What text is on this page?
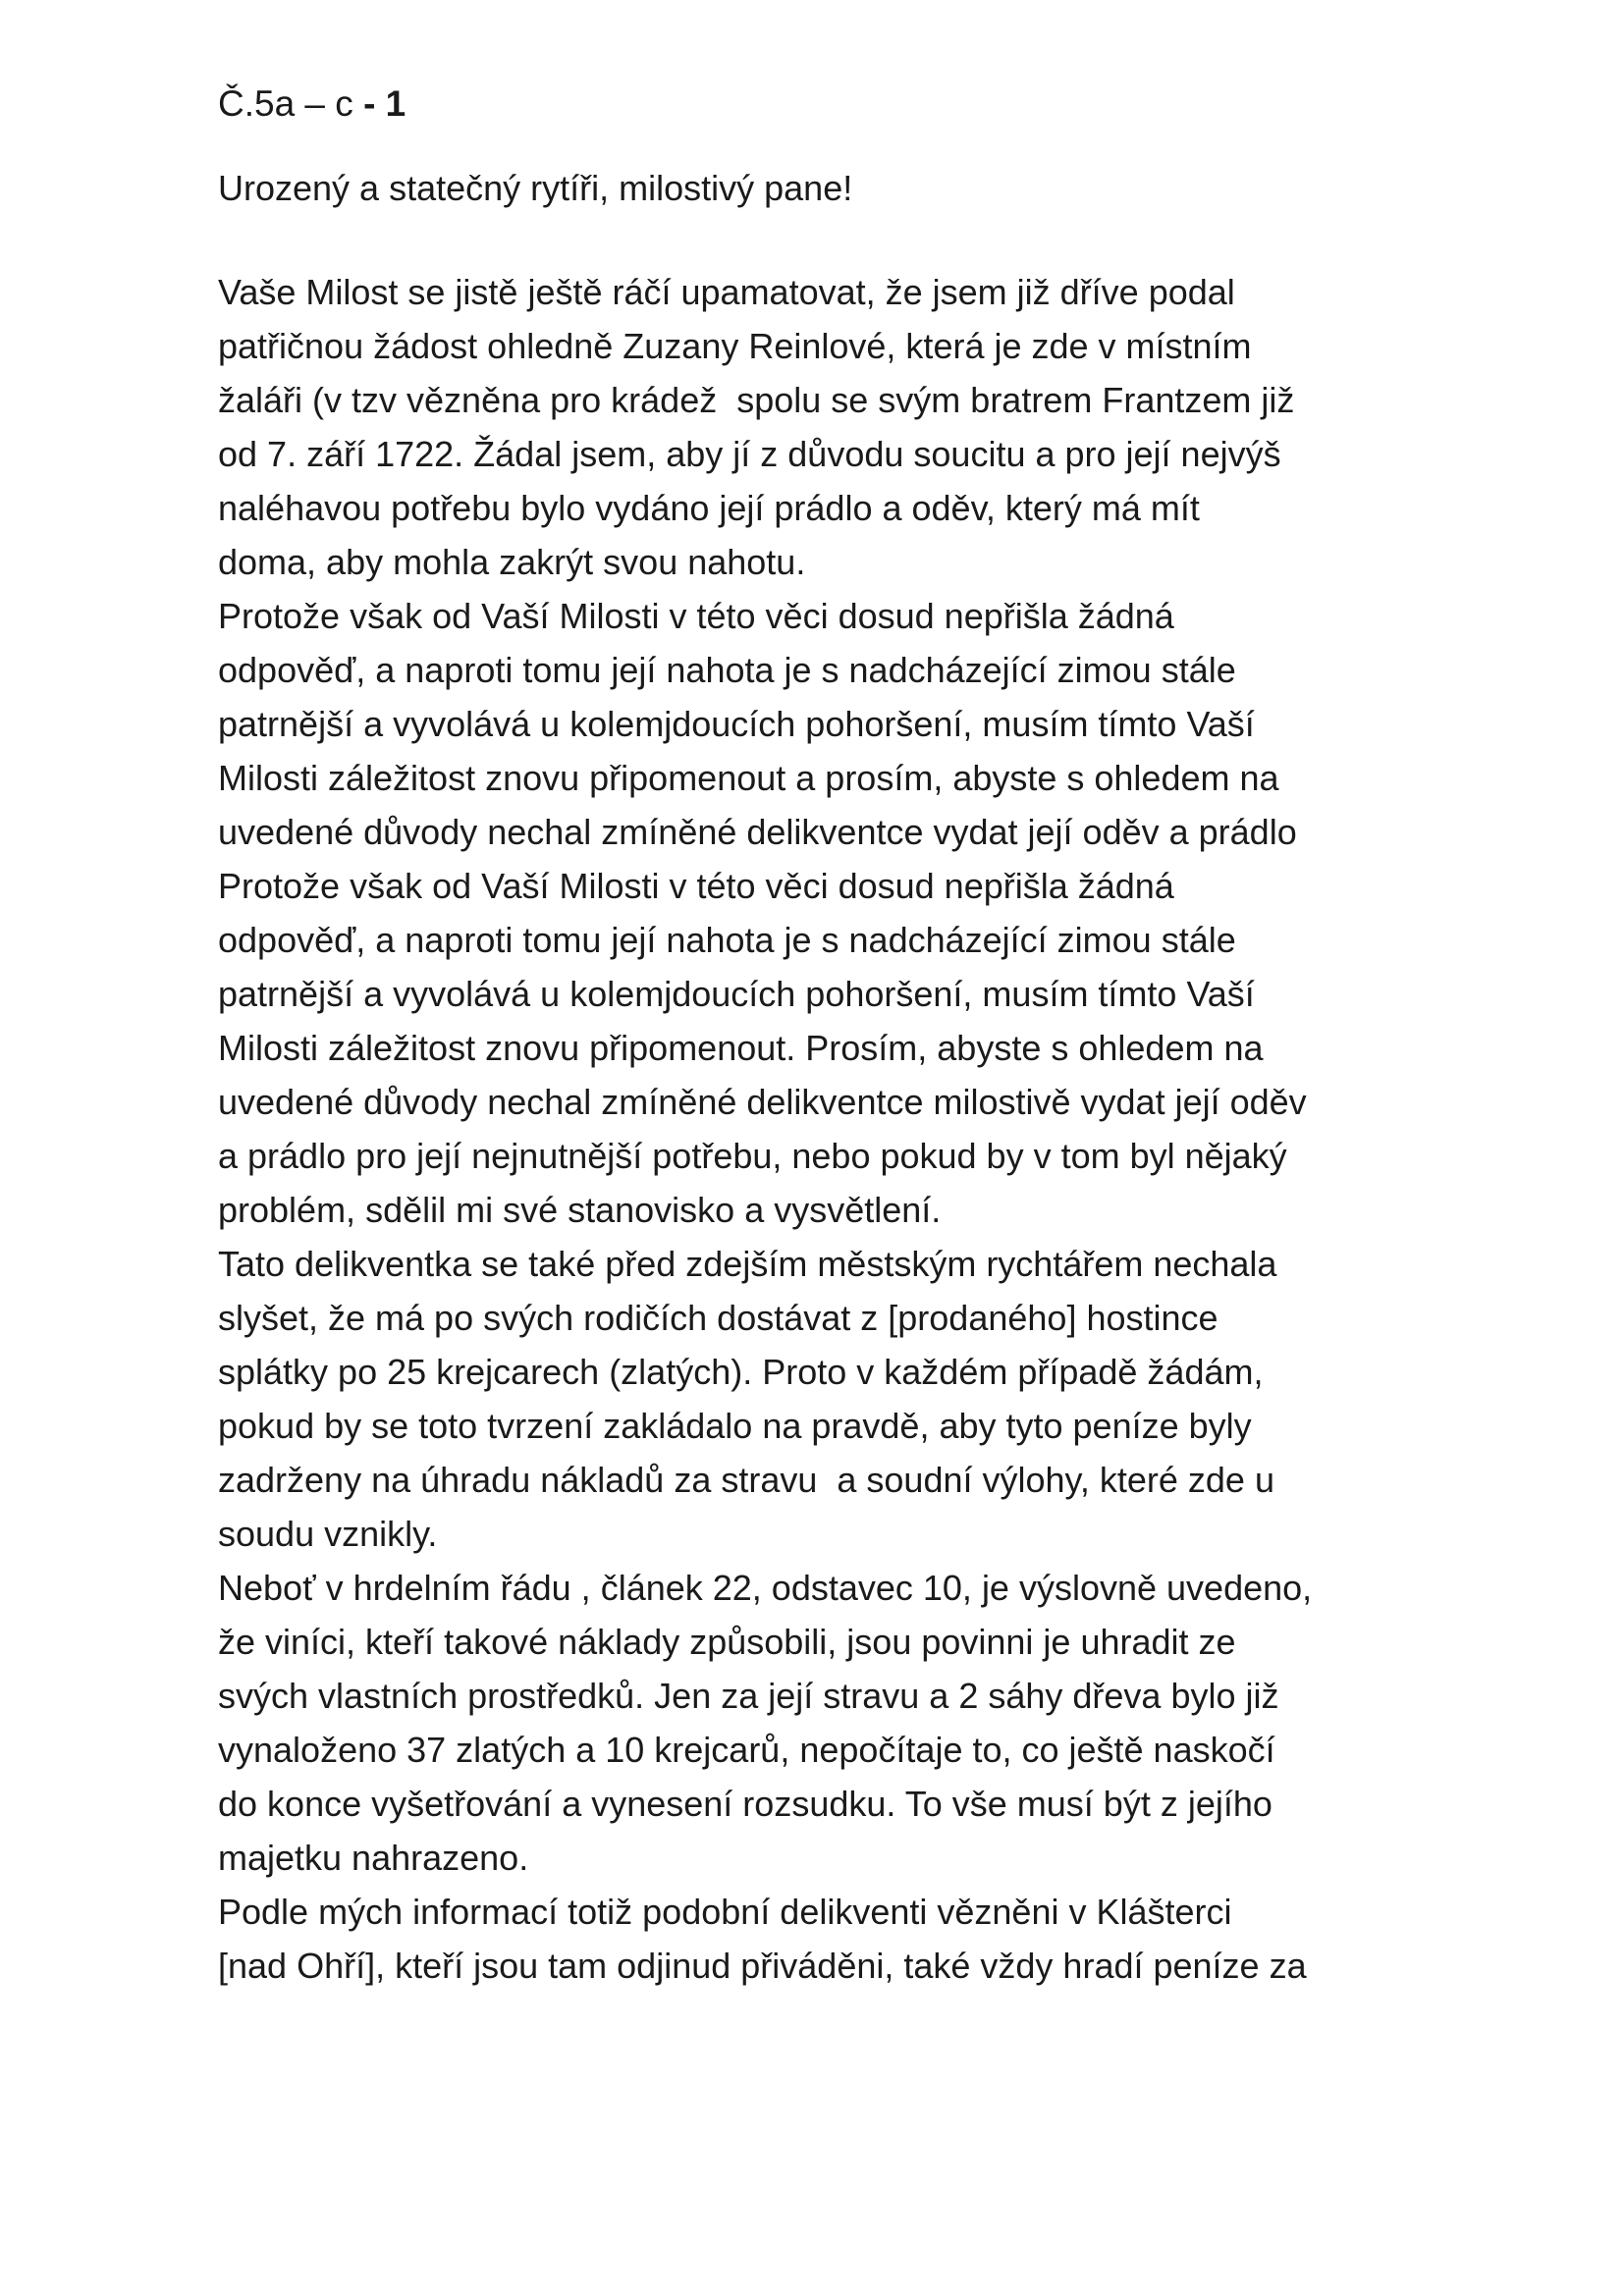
Č.5a – c - 1

Urozený a statečný rytíři, milostivý pane!

Vaše Milost se jistě ještě ráčí upamatovat, že jsem již dříve podal
patřičnou žádost ohledně Zuzany Reinlové, která je zde v místním
žaláři (v tzv vězněna pro krádež  spolu se svým bratrem Frantzem již
od 7. září 1722. Žádal jsem, aby jí z důvodu soucitu a pro její nejvýš
naléhavou potřebu bylo vydáno její prádlo a oděv, který má mít
doma, aby mohla zakrýt svou nahotu.
Protože však od Vaší Milosti v této věci dosud nepřišla žádná
odpověď, a naproti tomu její nahota je s nadcházející zimou stále
patrnější a vyvolává u kolemjdoucích pohoršení, musím tímto Vaší
Milosti záležitost znovu připomenout a prosím, abyste s ohledem na
uvedené důvody nechal zmíněné delikventce vydat její oděv a prádlo
Protože však od Vaší Milosti v této věci dosud nepřišla žádná
odpověď, a naproti tomu její nahota je s nadcházející zimou stále
patrnější a vyvolává u kolemjdoucích pohoršení, musím tímto Vaší
Milosti záležitost znovu připomenout. Prosím, abyste s ohledem na
uvedené důvody nechal zmíněné delikventce milostivě vydat její oděv
a prádlo pro její nejnutnější potřebu, nebo pokud by v tom byl nějaký
problém, sdělil mi své stanovisko a vysvětlení.
Tato delikventka se také před zdejším městským rychtářem nechala
slyšet, že má po svých rodičích dostávat z [prodaného] hostince
splátky po 25 krejcarech (zlatých). Proto v každém případě žádám,
pokud by se toto tvrzení zakládalo na pravdě, aby tyto peníze byly
zadrženy na úhradu nákladů za stravu  a soudní výlohy, které zde u
soudu vznikly.
Neboť v hrdelním řádu , článek 22, odstavec 10, je výslovně uvedeno,
že viníci, kteří takové náklady způsobili, jsou povinni je uhradit ze
svých vlastních prostředků. Jen za její stravu a 2 sáhy dřeva bylo již
vynaloženo 37 zlatých a 10 krejcarů, nepočítaje to, co ještě naskočí
do konce vyšetřování a vynesení rozsudku. To vše musí být z jejího
majetku nahrazeno.
Podle mých informací totiž podobní delikventi vězněni v Klášterci
[nad Ohří], kteří jsou tam odjinud přiváděni, také vždy hradí peníze za
